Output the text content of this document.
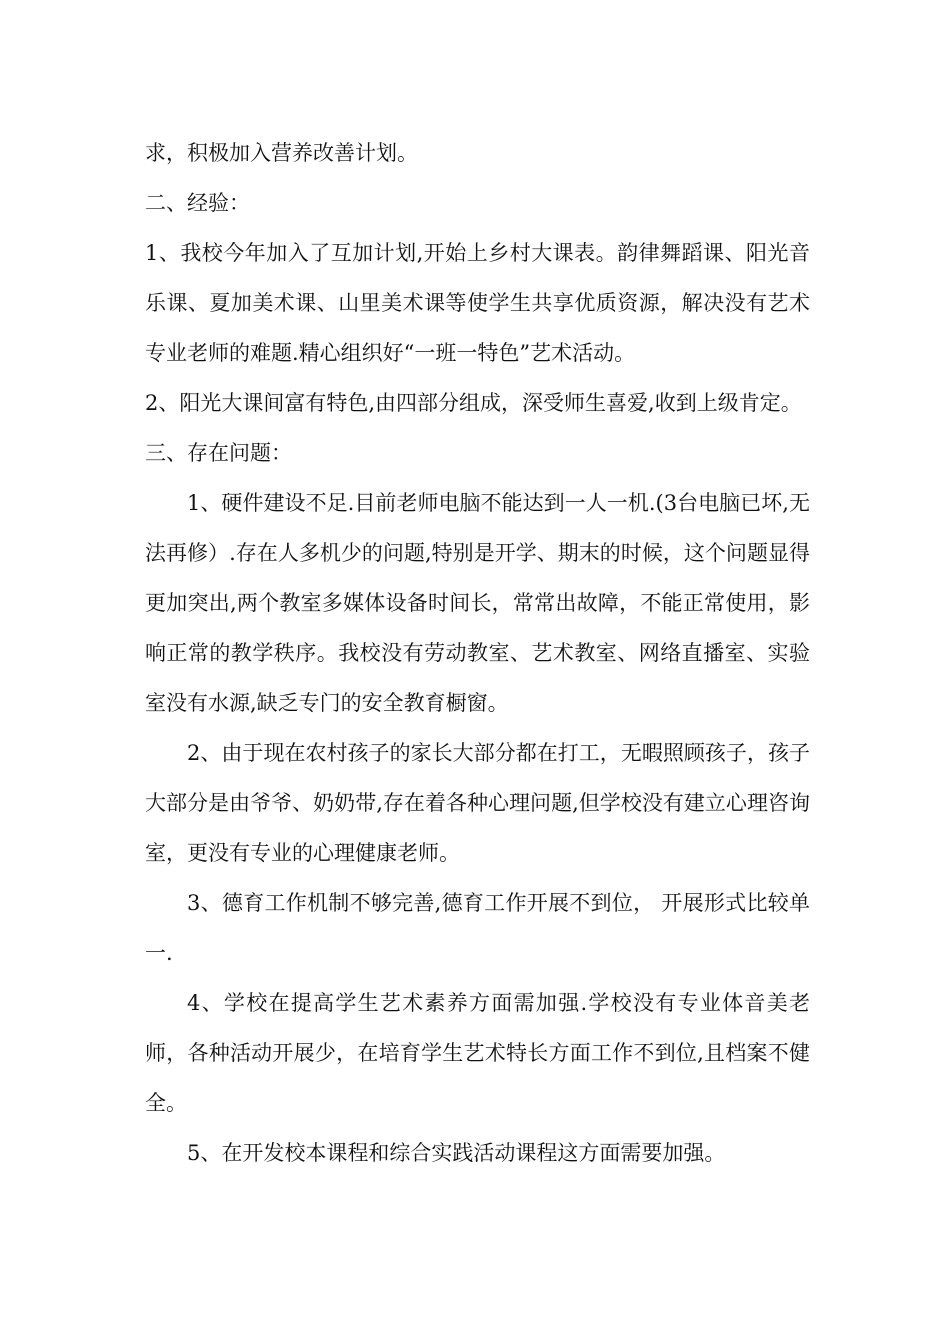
求，积极加入营养改善计划。

二、经验：

1、我校今年加入了互加计划,开始上乡村大课表。韵律舞蹈课、阳光音乐课、夏加美术课、山里美术课等使学生共享优质资源，解决没有艺术专业老师的难题.精心组织好“一班一特色”艺术活动。

2、阳光大课间富有特色,由四部分组成，深受师生喜爱,收到上级肯定。

三、存在问题：

1、硬件建设不足.目前老师电脑不能达到一人一机.(3台电脑已坏,无法再修）.存在人多机少的问题,特别是开学、期末的时候，这个问题显得更加突出,两个教室多媒体设备时间长，常常出故障，不能正常使用，影响正常的教学秩序。我校没有劳动教室、艺术教室、网络直播室、实验室没有水源,缺乏专门的安全教育橱窗。

2、由于现在农村孩子的家长大部分都在打工，无暇照顾孩子，孩子大部分是由爷爷、奶奶带,存在着各种心理问题,但学校没有建立心理咨询室，更没有专业的心理健康老师。

3、德育工作机制不够完善,德育工作开展不到位， 开展形式比较单一.

4、学校在提高学生艺术素养方面需加强.学校没有专业体音美老师，各种活动开展少，在培育学生艺术特长方面工作不到位,且档案不健全。

5、在开发校本课程和综合实践活动课程这方面需要加强。
